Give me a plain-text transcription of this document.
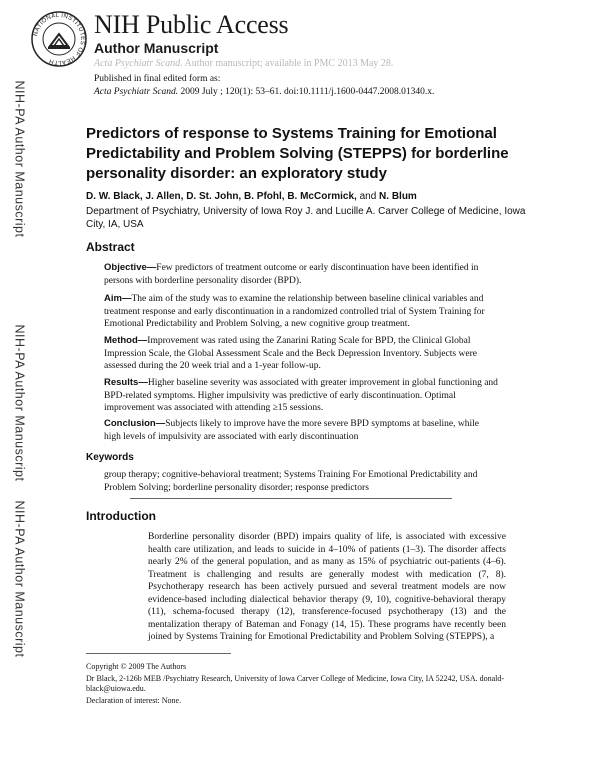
NATIONAL INSTITUTES OF HEALTH
NIH Public Access
Author Manuscript
Acta Psychiatr Scand. Author manuscript; available in PMC 2013 May 28.
Published in final edited form as:
Acta Psychiatr Scand. 2009 July ; 120(1): 53–61. doi:10.1111/j.1600-0447.2008.01340.x.
NIH-PA Author Manuscript
NIH-PA Author Manuscript
NIH-PA Author Manuscript
Predictors of response to Systems Training for Emotional Predictability and Problem Solving (STEPPS) for borderline personality disorder: an exploratory study
D. W. Black, J. Allen, D. St. John, B. Pfohl, B. McCormick, and N. Blum
Department of Psychiatry, University of Iowa Roy J. and Lucille A. Carver College of Medicine, Iowa City, IA, USA
Abstract

Objective—Few predictors of treatment outcome or early discontinuation have been identified in persons with borderline personality disorder (BPD).

Aim—The aim of the study was to examine the relationship between baseline clinical variables and treatment response and early discontinuation in a randomized controlled trial of System Training for Emotional Predictability and Problem Solving, a new cognitive group treatment.

Method—Improvement was rated using the Zanarini Rating Scale for BPD, the Clinical Global Impression Scale, the Global Assessment Scale and the Beck Depression Inventory. Subjects were assessed during the 20 week trial and a 1-year follow-up.

Results—Higher baseline severity was associated with greater improvement in global functioning and BPD-related symptoms. Higher impulsivity was predictive of early discontinuation. Optimal improvement was associated with attending ≥15 sessions.

Conclusion—Subjects likely to improve have the more severe BPD symptoms at baseline, while high levels of impulsivity are associated with early discontinuation

Keywords

group therapy; cognitive-behavioral treatment; Systems Training For Emotional Predictability and Problem Solving; borderline personality disorder; response predictors

Introduction

Borderline personality disorder (BPD) impairs quality of life, is associated with excessive health care utilization, and leads to suicide in 4–10% of patients (1–3). The disorder affects nearly 2% of the general population, and as many as 15% of psychiatric out-patients (4–6). Treatment is challenging and results are generally modest with medication (7, 8). Psychotherapy research has been actively pursued and several treatment models are now evidence-based including dialectical behavior therapy (9, 10), cognitive-behavioral therapy (11), schema-focused therapy (12), transference-focused psychotherapy (13) and the mentalization therapy of Bateman and Fonagy (14, 15). These programs have recently been joined by Systems Training for Emotional Predictability and Problem Solving (STEPPS), a

Copyright © 2009 The Authors

Dr Black, 2-126b MEB /Psychiatry Research, University of Iowa Carver College of Medicine, Iowa City, IA 52242, USA. donald-black@uiowa.edu.

Declaration of interest: None.
